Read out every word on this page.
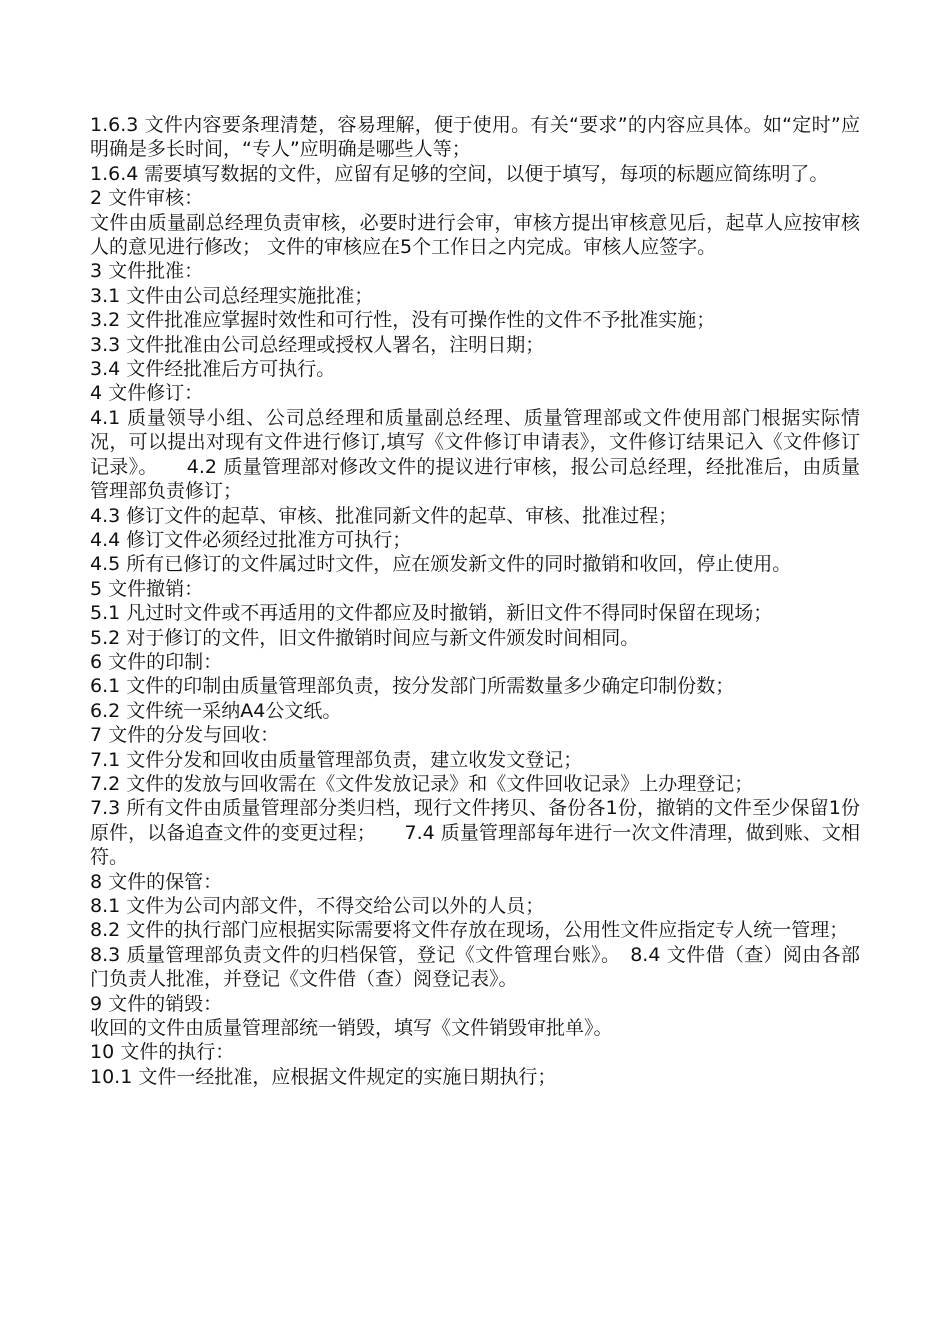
1.6.3 文件内容要条理清楚，容易理解，便于使用。有关“要求”的内容应具体。如“定时”应明确是多长时间，“专人”应明确是哪些人等；

1.6.4 需要填写数据的文件，应留有足够的空间，以便于填写，每项的标题应简练明了。

2 文件审核：

文件由质量副总经理负责审核，必要时进行会审，审核方提出审核意见后，起草人应按审核人的意见进行修改； 文件的审核应在5个工作日之内完成。审核人应签字。

3 文件批准：

3.1 文件由公司总经理实施批准；

3.2 文件批准应掌握时效性和可行性，没有可操作性的文件不予批准实施；

3.3 文件批准由公司总经理或授权人署名，注明日期；

3.4 文件经批准后方可执行。

4 文件修订：

4.1 质量领导小组、公司总经理和质量副总经理、质量管理部或文件使用部门根据实际情况，可以提出对现有文件进行修订,填写《文件修订申请表》，文件修订结果记入《文件修订记录》。　　4.2 质量管理部对修改文件的提议进行审核，报公司总经理，经批准后，由质量管理部负责修订；

4.3 修订文件的起草、审核、批准同新文件的起草、审核、批准过程；

4.4 修订文件必须经过批准方可执行；

4.5 所有已修订的文件属过时文件，应在颁发新文件的同时撤销和收回，停止使用。

5 文件撤销：

5.1 凡过时文件或不再适用的文件都应及时撤销，新旧文件不得同时保留在现场；

5.2 对于修订的文件，旧文件撤销时间应与新文件颁发时间相同。

6 文件的印制：

6.1 文件的印制由质量管理部负责，按分发部门所需数量多少确定印制份数；

6.2 文件统一采纳A4公文纸。

7 文件的分发与回收：

7.1 文件分发和回收由质量管理部负责，建立收发文登记；

7.2 文件的发放与回收需在《文件发放记录》和《文件回收记录》上办理登记；

7.3 所有文件由质量管理部分类归档，现行文件拷贝、备份各1份，撤销的文件至少保留1份原件，以备追查文件的变更过程；　　7.4 质量管理部每年进行一次文件清理，做到账、文相符。

8 文件的保管：

8.1 文件为公司内部文件，不得交给公司以外的人员；

8.2 文件的执行部门应根据实际需要将文件存放在现场，公用性文件应指定专人统一管理；

8.3 质量管理部负责文件的归档保管，登记《文件管理台账》。　8.4 文件借（查）阅由各部门负责人批准，并登记《文件借（查）阅登记表》。

9 文件的销毁：

收回的文件由质量管理部统一销毁，填写《文件销毁审批单》。

10 文件的执行：

10.1 文件一经批准，应根据文件规定的实施日期执行；
